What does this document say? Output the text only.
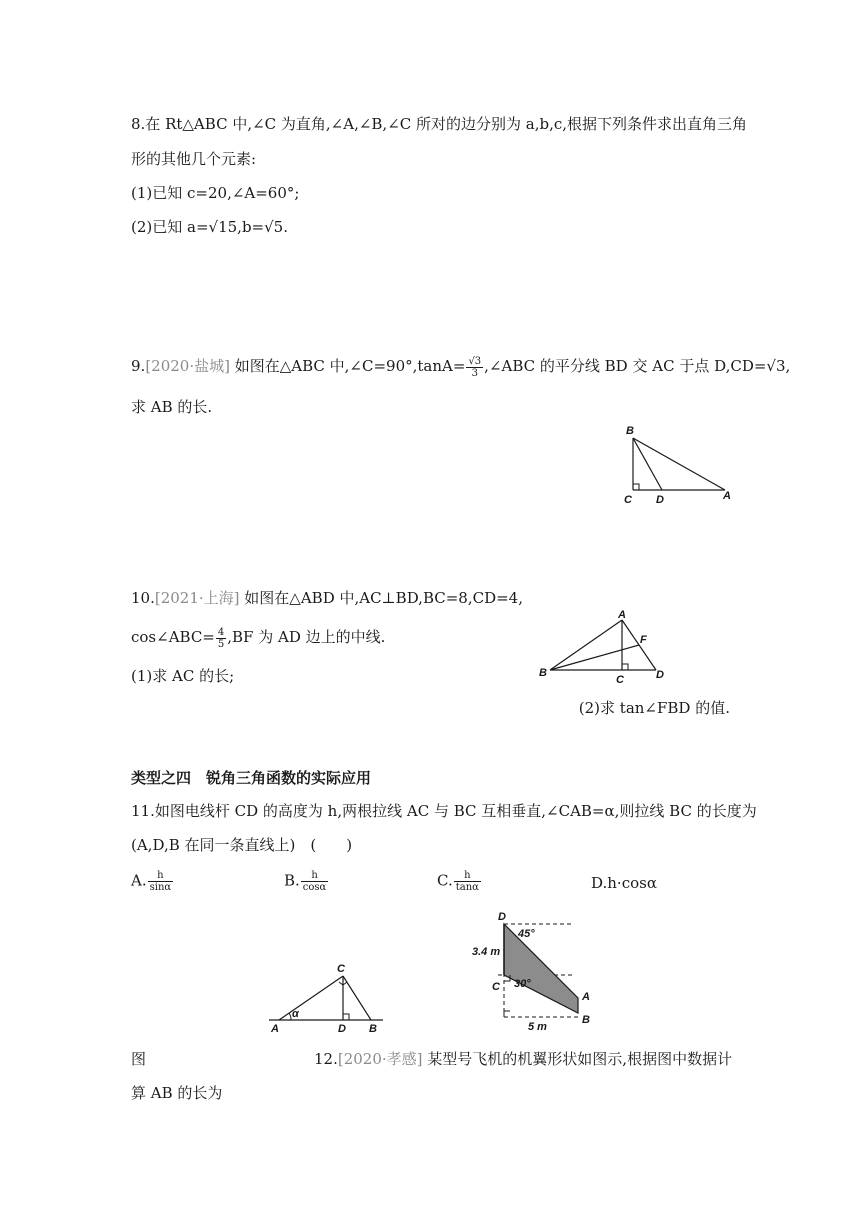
8.在 Rt△ABC 中,∠C 为直角,∠A,∠B,∠C 所对的边分别为 a,b,c,根据下列条件求出直角三角
形的其他几个元素:
(1)已知 c=20,∠A=60°;
(2)已知 a=√15,b=√5.
9.[2020·盐城] 如图在△ABC 中,∠C=90°,tanA= $\frac{√3}{3}$ ,∠ABC 的平分线 BD 交 AC 于点 D,CD=√3,
求 AB 的长.
B
C D	A
10.[2021·上海] 如图在△ABD 中,AC⊥BD,BC=8,CD=4,
cos∠ABC= $\frac{4}{5} ,BF$ 为 AD 边上的中线.
(1)求 AC 的长;
(2)求 tan∠FBD 的值.
A
F
B
C	D
类型之四　锐角三角函数的实际应用
11.如图电线杆 CD 的高度为 h,两根拉线 AC 与 BC 互相垂直,∠CAB=α,则拉线 BC 的长度为
(A,D,B 在同一条直线上)　(　　)
A. $\frac{h}{\sin\alpha}$	B. $\frac{h}{\cos\alpha}$	C. $\frac{h}{\tan\alpha}$	D.h·cosα
C
α
A	D B
D
45°
3.4 m
C 30°
A
B
5 m
图	12.[2020·孝感] 某型号飞机的机翼形状如图示,根据图中数据计
算 AB 的长为
